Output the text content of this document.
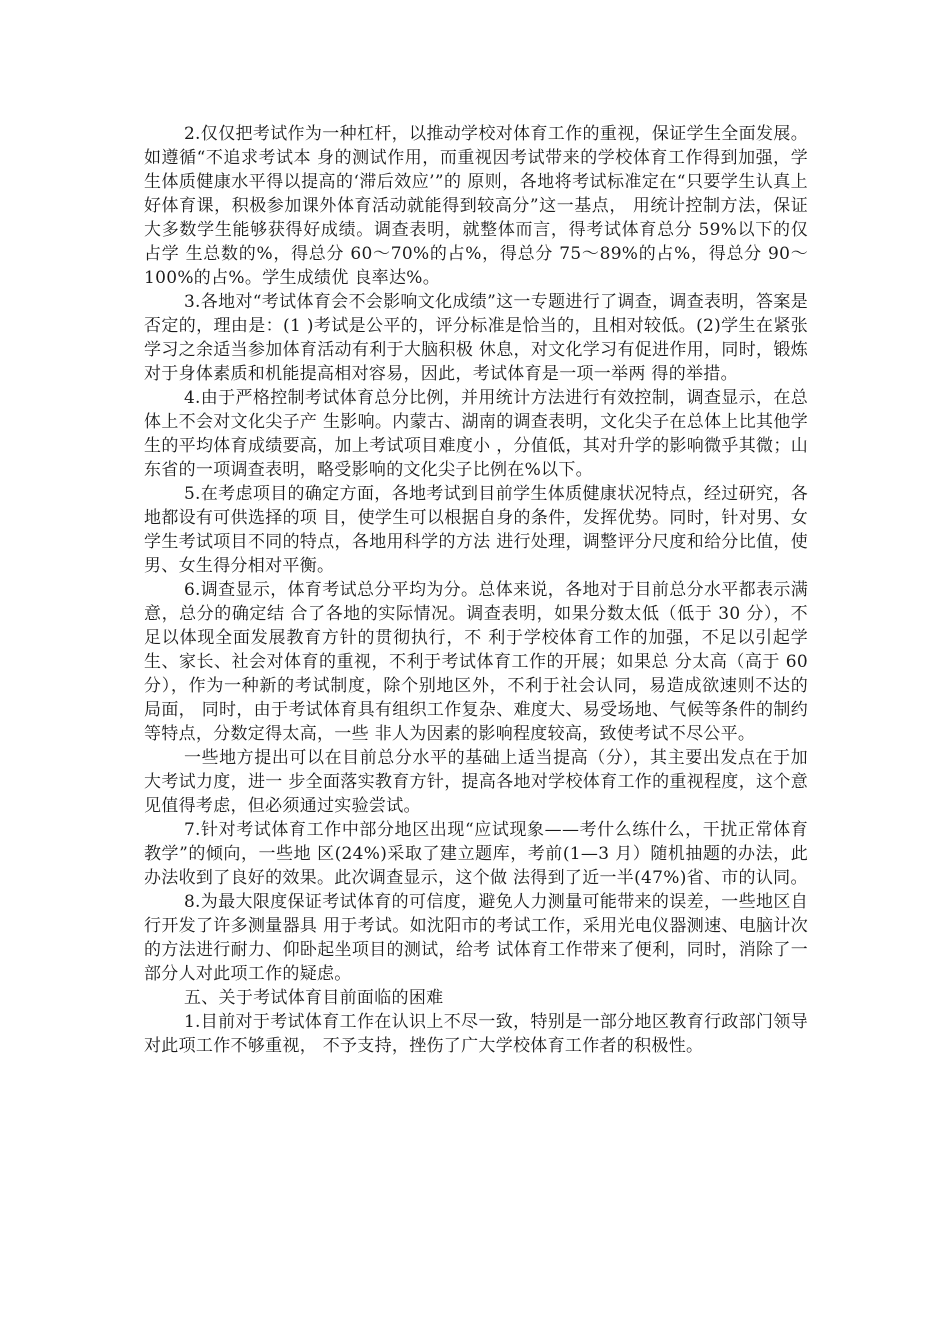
2.仅仅把考试作为一种杠杆，以推动学校对体育工作的重视，保证学生全面发展。如遵循“不追求考试本 身的测试作用，而重视因考试带来的学校体育工作得到加强，学生体质健康水平得以提高的‘滞后效应’”的 原则，各地将考试标准定在“只要学生认真上好体育课，积极参加课外体育活动就能得到较高分”这一基点， 用统计控制方法，保证大多数学生能够获得好成绩。调查表明，就整体而言，得考试体育总分 59%以下的仅占学 生总数的%，得总分 60～70%的占%，得总分 75～89%的占%，得总分 90～100%的占%。学生成绩优 良率达%。

3.各地对“考试体育会不会影响文化成绩”这一专题进行了调查，调查表明，答案是否定的，理由是：(1 )考试是公平的，评分标准是恰当的，且相对较低。(2)学生在紧张学习之余适当参加体育活动有利于大脑积极 休息，对文化学习有促进作用，同时，锻炼对于身体素质和机能提高相对容易，因此，考试体育是一项一举两 得的举措。

4.由于严格控制考试体育总分比例，并用统计方法进行有效控制，调查显示，在总体上不会对文化尖子产 生影响。内蒙古、湖南的调查表明，文化尖子在总体上比其他学生的平均体育成绩要高，加上考试项目难度小 ，分值低，其对升学的影响微乎其微；山东省的一项调查表明，略受影响的文化尖子比例在%以下。

5.在考虑项目的确定方面，各地考试到目前学生体质健康状况特点，经过研究，各地都设有可供选择的项 目，使学生可以根据自身的条件，发挥优势。同时，针对男、女学生考试项目不同的特点，各地用科学的方法 进行处理，调整评分尺度和给分比值，使男、女生得分相对平衡。

6.调查显示，体育考试总分平均为分。总体来说，各地对于目前总分水平都表示满意，总分的确定结 合了各地的实际情况。调查表明，如果分数太低（低于 30 分），不足以体现全面发展教育方针的贯彻执行，不 利于学校体育工作的加强，不足以引起学生、家长、社会对体育的重视，不利于考试体育工作的开展；如果总 分太高（高于 60 分），作为一种新的考试制度，除个别地区外，不利于社会认同，易造成欲速则不达的局面， 同时，由于考试体育具有组织工作复杂、难度大、易受场地、气候等条件的制约等特点，分数定得太高，一些 非人为因素的影响程度较高，致使考试不尽公平。

一些地方提出可以在目前总分水平的基础上适当提高（分），其主要出发点在于加大考试力度，进一 步全面落实教育方针，提高各地对学校体育工作的重视程度，这个意见值得考虑，但必须通过实验尝试。

7.针对考试体育工作中部分地区出现“应试现象——考什么练什么，干扰正常体育教学”的倾向，一些地 区(24%)采取了建立题库，考前(1—3 月）随机抽题的办法，此办法收到了良好的效果。此次调查显示，这个做 法得到了近一半(47%)省、市的认同。

8.为最大限度保证考试体育的可信度，避免人力测量可能带来的误差，一些地区自行开发了许多测量器具 用于考试。如沈阳市的考试工作，采用光电仪器测速、电脑计次的方法进行耐力、仰卧起坐项目的测试，给考 试体育工作带来了便利，同时，消除了一部分人对此项工作的疑虑。

五、关于考试体育目前面临的困难

1.目前对于考试体育工作在认识上不尽一致，特别是一部分地区教育行政部门领导对此项工作不够重视， 不予支持，挫伤了广大学校体育工作者的积极性。
